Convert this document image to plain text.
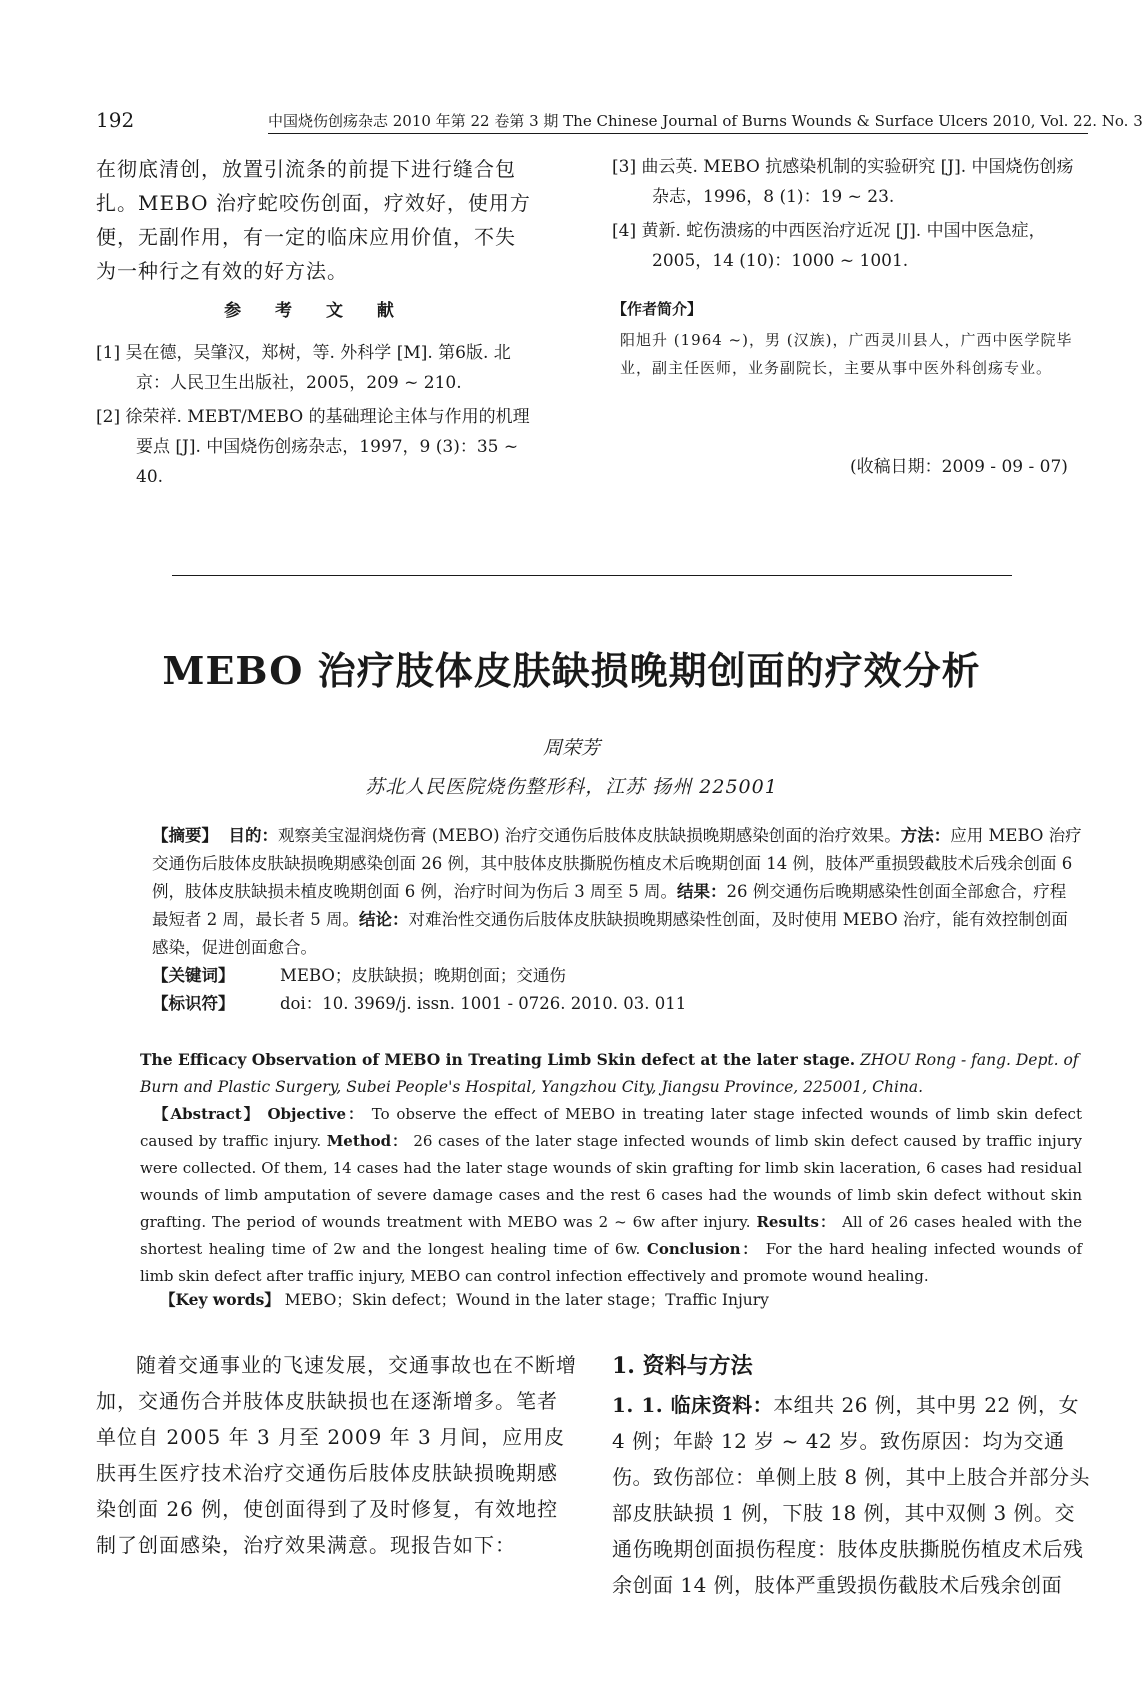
192	中国烧伤创疡杂志 2010 年第 22 卷第 3 期 The Chinese Journal of Burns Wounds & Surface Ulcers 2010, Vol. 22. No. 3
在彻底清创，放置引流条的前提下进行缝合包扎。MEBO 治疗蛇咬伤创面，疗效好，使用方便，无副作用，有一定的临床应用价值，不失为一种行之有效的好方法。
参 考 文 献
[1] 吴在德，吴肇汉，郑树，等. 外科学 [M]. 第6版. 北京：人民卫生出版社，2005，209 ~ 210.
[2] 徐荣祥. MEBT/MEBO 的基础理论主体与作用的机理要点 [J]. 中国烧伤创疡杂志，1997，9 (3)：35 ~ 40.
[3] 曲云英. MEBO 抗感染机制的实验研究 [J]. 中国烧伤创疡杂志，1996，8 (1)：19 ~ 23.
[4] 黄新. 蛇伤溃疡的中西医治疗近况 [J]. 中国中医急症，2005，14 (10)：1000 ~ 1001.
【作者简介】
阳旭升 (1964 ~)，男 (汉族)，广西灵川县人，广西中医学院毕业，副主任医师，业务副院长，主要从事中医外科创疡专业。
(收稿日期：2009 - 09 - 07)
MEBO 治疗肢体皮肤缺损晚期创面的疗效分析
周荣芳
苏北人民医院烧伤整形科，江苏 扬州 225001
【摘要】 目的：观察美宝湿润烧伤膏 (MEBO) 治疗交通伤后肢体皮肤缺损晚期感染创面的治疗效果。方法：应用 MEBO 治疗交通伤后肢体皮肤缺损晚期感染创面 26 例，其中肢体皮肤撕脱伤植皮术后晚期创面 14 例，肢体严重损毁截肢术后残余创面 6 例，肢体皮肤缺损未植皮晚期创面 6 例，治疗时间为伤后 3 周至 5 周。结果：26 例交通伤后晚期感染性创面全部愈合，疗程最短者 2 周，最长者 5 周。结论：对难治性交通伤后肢体皮肤缺损晚期感染性创面，及时使用 MEBO 治疗，能有效控制创面感染，促进创面愈合。
【关键词】	MEBO；皮肤缺损；晚期创面；交通伤
【标识符】	doi：10. 3969/j. issn. 1001 - 0726. 2010. 03. 011
The Efficacy Observation of MEBO in Treating Limb Skin defect at the later stage. ZHOU Rong - fang. Dept. of Burn and Plastic Surgery, Subei People's Hospital, Yangzhou City, Jiangsu Province, 225001, China.
【Abstract】 Objective： To observe the effect of MEBO in treating later stage infected wounds of limb skin defect caused by traffic injury. Method： 26 cases of the later stage infected wounds of limb skin defect caused by traffic injury were collected. Of them, 14 cases had the later stage wounds of skin grafting for limb skin laceration, 6 cases had residual wounds of limb amputation of severe damage cases and the rest 6 cases had the wounds of limb skin defect without skin grafting. The period of wounds treatment with MEBO was 2 ~ 6w after injury. Results： All of 26 cases healed with the shortest healing time of 2w and the longest healing time of 6w. Conclusion： For the hard healing infected wounds of limb skin defect after traffic injury, MEBO can control infection effectively and promote wound healing.
【Key words】 MEBO；Skin defect；Wound in the later stage；Traffic Injury
随着交通事业的飞速发展，交通事故也在不断增加，交通伤合并肢体皮肤缺损也在逐渐增多。笔者单位自 2005 年 3 月至 2009 年 3 月间，应用皮肤再生医疗技术治疗交通伤后肢体皮肤缺损晚期感染创面 26 例，使创面得到了及时修复，有效地控制了创面感染，治疗效果满意。现报告如下：
1. 资料与方法
1. 1. 临床资料：本组共 26 例，其中男 22 例，女 4 例；年龄 12 岁 ~ 42 岁。致伤原因：均为交通伤。致伤部位：单侧上肢 8 例，其中上肢合并部分头部皮肤缺损 1 例，下肢 18 例，其中双侧 3 例。交通伤晚期创面损伤程度：肢体皮肤撕脱伤植皮术后残余创面 14 例，肢体严重毁损伤截肢术后残余创面
